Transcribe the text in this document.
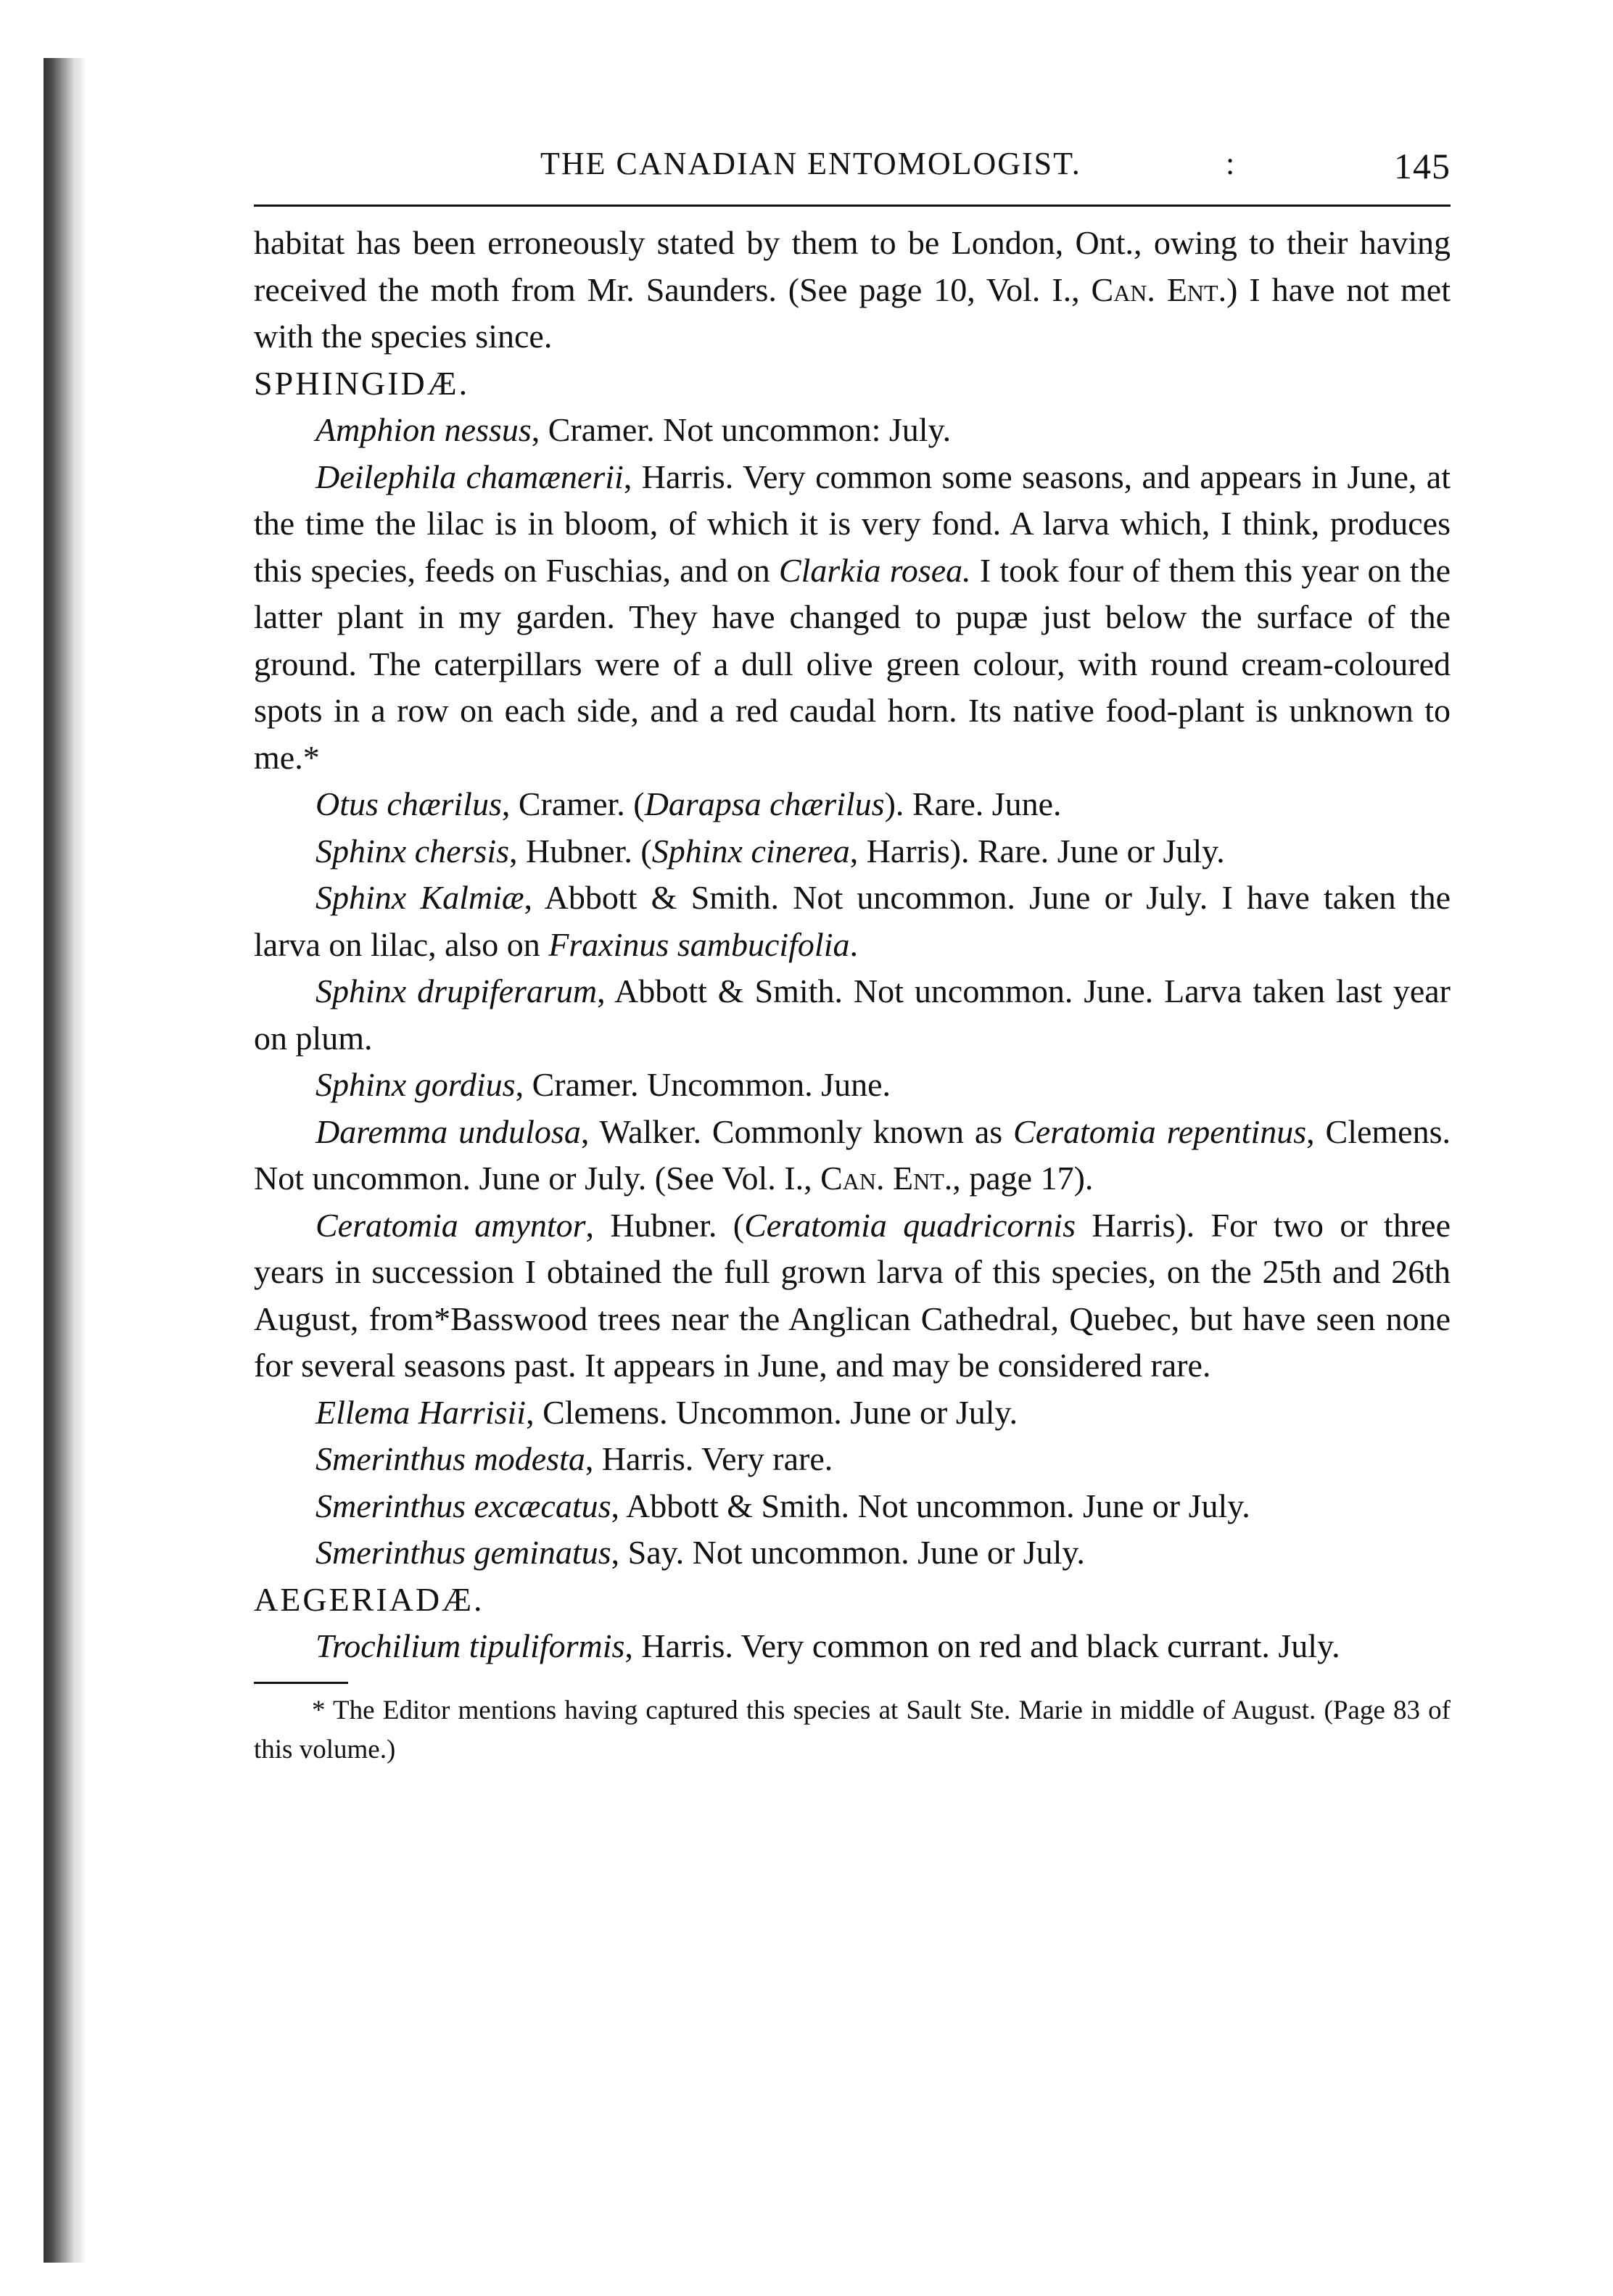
THE CANADIAN ENTOMOLOGIST.	:	145

habitat has been erroneously stated by them to be London, Ont., owing to their having received the moth from Mr. Saunders. (See page 10, Vol. I., Can. Ent.) I have not met with the species since.

SPHINGIDÆ.

Amphion nessus, Cramer. Not uncommon: July.

Deilephila chamænerii, Harris. Very common some seasons, and appears in June, at the time the lilac is in bloom, of which it is very fond. A larva which, I think, produces this species, feeds on Fuschias, and on Clarkia rosea. I took four of them this year on the latter plant in my garden. They have changed to pupæ just below the surface of the ground. The caterpillars were of a dull olive green colour, with round cream-coloured spots in a row on each side, and a red caudal horn. Its native food-plant is unknown to me.*

Otus chærilus, Cramer. (Darapsa chærilus). Rare. June.

Sphinx chersis, Hubner. (Sphinx cinerea, Harris). Rare. June or July.

Sphinx Kalmiæ, Abbott & Smith. Not uncommon. June or July. I have taken the larva on lilac, also on Fraxinus sambucifolia.

Sphinx drupiferarum, Abbott & Smith. Not uncommon. June. Larva taken last year on plum.

Sphinx gordius, Cramer. Uncommon. June.

Daremma undulosa, Walker. Commonly known as Ceratomia repentinus, Clemens. Not uncommon. June or July. (See Vol. I., Can. Ent., page 17).

Ceratomia amyntor, Hubner. (Ceratomia quadricornis Harris). For two or three years in succession I obtained the full grown larva of this species, on the 25th and 26th August, from*Basswood trees near the Anglican Cathedral, Quebec, but have seen none for several seasons past. It appears in June, and may be considered rare.

Ellema Harrisii, Clemens. Uncommon. June or July.

Smerinthus modesta, Harris. Very rare.

Smerinthus excæcatus, Abbott & Smith. Not uncommon. June or July.

Smerinthus geminatus, Say. Not uncommon. June or July.

AEGERIADÆ.

Trochilium tipuliformis, Harris. Very common on red and black currant. July.

* The Editor mentions having captured this species at Sault Ste. Marie in middle of August. (Page 83 of this volume.)
